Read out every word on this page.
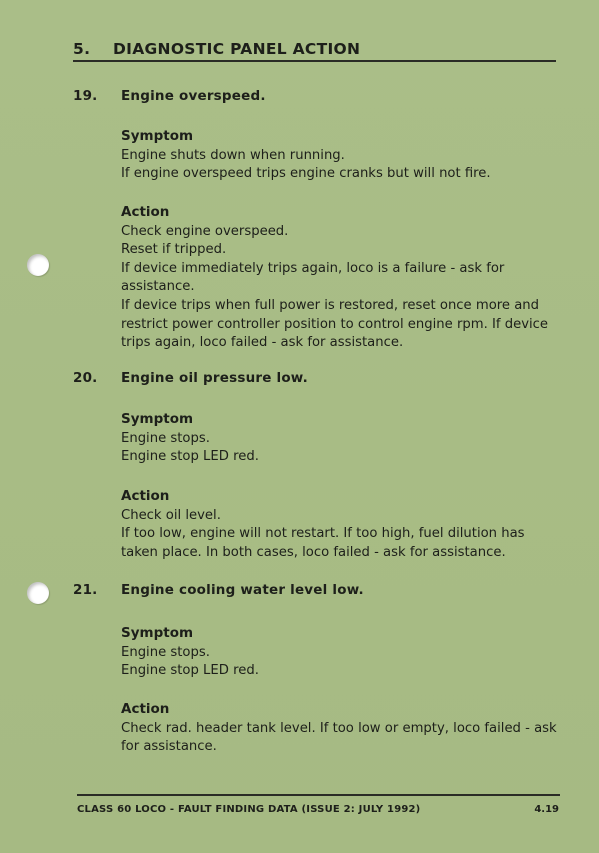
5. DIAGNOSTIC PANEL ACTION
19. Engine overspeed.
Symptom
Engine shuts down when running.
If engine overspeed trips engine cranks but will not fire.
Action
Check engine overspeed.
Reset if tripped.
If device immediately trips again, loco is a failure - ask for assistance.
If device trips when full power is restored, reset once more and restrict power controller position to control engine rpm. If device trips again, loco failed - ask for assistance.
20. Engine oil pressure low.
Symptom
Engine stops.
Engine stop LED red.
Action
Check oil level.
If too low, engine will not restart. If too high, fuel dilution has taken place. In both cases, loco failed - ask for assistance.
21. Engine cooling water level low.
Symptom
Engine stops.
Engine stop LED red.
Action
Check rad. header tank level. If too low or empty, loco failed - ask for assistance.
CLASS 60 LOCO - FAULT FINDING DATA (ISSUE 2: JULY 1992)	4.19
